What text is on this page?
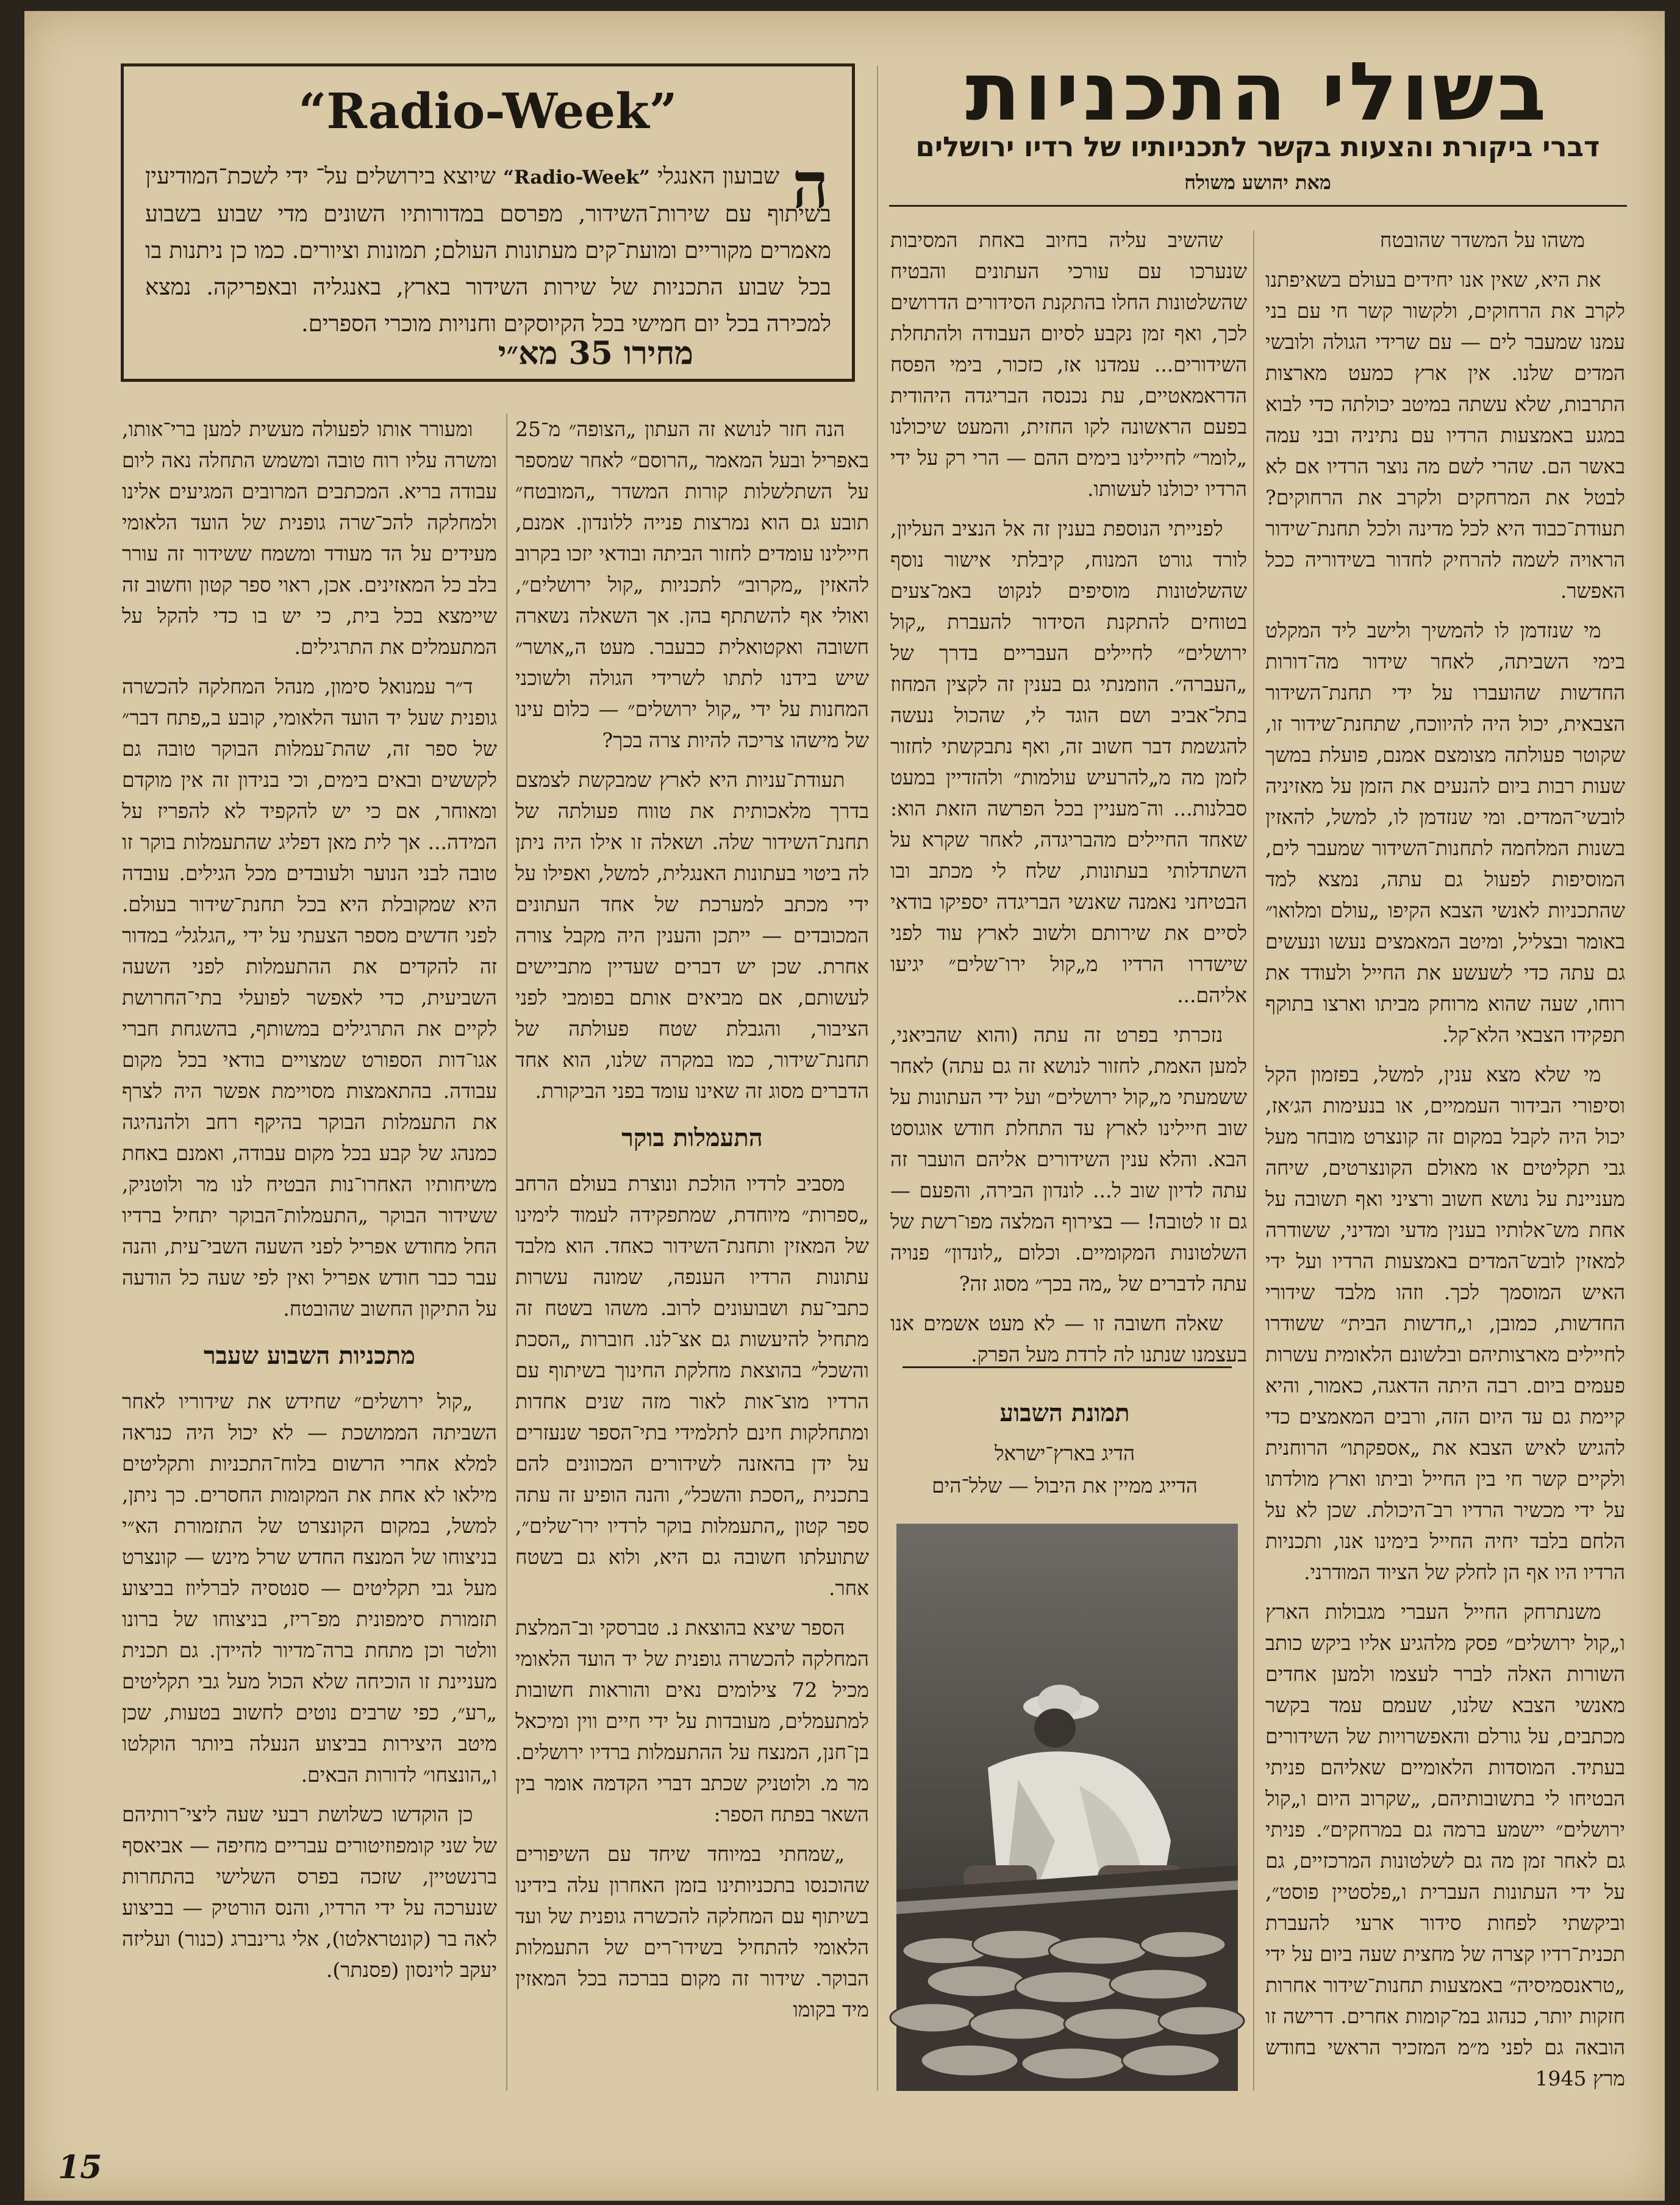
בשולי התכניות
דברי ביקורת והצעות בקשר לתכניותיו של רדיו ירושלים
מאת יהושע משולח
“Radio-Week”
ה
שבועון האנגלי “Radio-Week” שיוצא בירושלים על־ ידי לשכת־המודיעין בשיתוף עם שירות־השידור, מפרסם במדורותיו השונים מדי שבוע בשבוע מאמרים מקוריים ומועת־קים מעתונות העולם; תמונות וציורים. כמו כן ניתנות בו בכל שבוע התכניות של שירות השידור בארץ, באנגליה ובאפריקה. נמצא למכירה בכל יום חמישי בכל הקיוסקים וחנויות מוכרי הספרים.
מחירו 35 מא״י

משהו על המשדר שהובטח

את היא, שאין אנו יחידים בעולם בשאיפתנו לקרב את הרחוקים, ולקשור קשר חי עם בני עמנו שמעבר לים — עם שרידי הגולה ולובשי המדים שלנו. אין ארץ כמעט מארצות התרבות, שלא עשתה במיטב יכולתה כדי לבוא במגע באמצעות הרדיו עם נתיניה ובני עמה באשר הם. שהרי לשם מה נוצר הרדיו אם לא לבטל את המרחקים ולקרב את הרחוקים? תעודת־כבוד היא לכל מדינה ולכל תחנת־שידור הראויה לשמה להרחיק לחדור בשידוריה ככל האפשר.

מי שנזדמן לו להמשיך ולישב ליד המקלט בימי השביתה, לאחר שידור מה־דורות החדשות שהועברו על ידי תחנת־השידור הצבאית, יכול היה להיווכח, שתחנת־שידור זו, שקוטר פעולתה מצומצם אמנם, פועלת במשך שעות רבות ביום להנעים את הזמן על מאזיניה לובשי־המדים. ומי שנזדמן לו, למשל, להאזין בשנות המלחמה לתחנות־השידור שמעבר לים, המוסיפות לפעול גם עתה, נמצא למד שהתכניות לאנשי הצבא הקיפו „עולם ומלואו״ באומר ובצליל, ומיטב המאמצים נעשו ונעשים גם עתה כדי לשעשע את החייל ולעודד את רוחו, שעה שהוא מרוחק מביתו וארצו בתוקף תפקידו הצבאי הלא־קל.

מי שלא מצא ענין, למשל, בפזמון הקל וסיפורי הבידור העממיים, או בנעימות הג׳אז, יכול היה לקבל במקום זה קונצרט מובחר מעל גבי תקליטים או מאולם הקונצרטים, שיחה מעניינת על נושא חשוב ורציני ואף תשובה על אחת מש־אלותיו בענין מדעי ומדיני, ששודרה למאזין לובש־המדים באמצעות הרדיו ועל ידי האיש המוסמך לכך. וזהו מלבד שידורי החדשות, כמובן, ו„חדשות הבית״ ששודרו לחיילים מארצותיהם ובלשונם הלאומית עשרות פעמים ביום. רבה היתה הדאגה, כאמור, והיא קיימת גם עד היום הזה, ורבים המאמצים כדי להגיש לאיש הצבא את „אספקתו״ הרוחנית ולקיים קשר חי בין החייל וביתו וארץ מולדתו על ידי מכשיר הרדיו רב־היכולת. שכן לא על הלחם בלבד יחיה החייל בימינו אנו, ותכניות הרדיו היו אף הן לחלק של הציוד המודרני.

משנתרחק החייל העברי מגבולות הארץ ו„קול ירושלים״ פסק מלהגיע אליו ביקש כותב השורות האלה לברר לעצמו ולמען אחדים מאנשי הצבא שלנו, שעמם עמד בקשר מכתבים, על גורלם והאפשרויות של השידורים בעתיד. המוסדות הלאומיים שאליהם פניתי הבטיחו לי בתשובותיהם, „שקרוב היום ו„קול ירושלים״ יישמע ברמה גם במרחקים״. פניתי גם לאחר זמן מה גם לשלטונות המרכזיים, גם על ידי העתונות העברית ו„פלסטיין פוסט״, וביקשתי לפחות סידור ארעי להעברת תכנית־רדיו קצרה של מחצית שעה ביום על ידי „טראנסמיסיה״ באמצעות תחנות־שידור אחרות חזקות יותר, כנהוג במ־קומות אחרים. דרישה זו הובאה גם לפני מ״מ המזכיר הראשי בחודש מרץ 1945

שהשיב עליה בחיוב באחת המסיבות שנערכו עם עורכי העתונים והבטיח שהשלטונות החלו בהתקנת הסידורים הדרושים לכך, ואף זמן נקבע לסיום העבודה ולהתחלת השידורים... עמדנו אז, כזכור, בימי הפסח הדראמאטיים, עת נכנסה הבריגדה היהודית בפעם הראשונה לקו החזית, והמעט שיכולנו „לומר״ לחיילינו בימים ההם — הרי רק על ידי הרדיו יכולנו לעשותו.

לפנייתי הנוספת בענין זה אל הנציב העליון, לורד גורט המנוח, קיבלתי אישור נוסף שהשלטונות מוסיפים לנקוט באמ־צעים בטוחים להתקנת הסידור להעברת „קול ירושלים״ לחיילים העבריים בדרך של „העברה״. הוזמנתי גם בענין זה לקצין המחוז בתל־אביב ושם הוגד לי, שהכול נעשה להגשמת דבר חשוב זה, ואף נתבקשתי לחזור לזמן מה מ„להרעיש עולמות״ ולהזדיין במעט סבלנות... וה־מעניין בכל הפרשה הזאת הוא: שאחד החיילים מהבריגדה, לאחר שקרא על השתדלותי בעתונות, שלח לי מכתב ובו הבטיחני נאמנה שאנשי הבריגדה יספיקו בודאי לסיים את שירותם ולשוב לארץ עוד לפני שישדרו הרדיו מ„קול ירו־שלים״ יגיעו אליהם...

נזכרתי בפרט זה עתה (והוא שהביאני, למען האמת, לחזור לנושא זה גם עתה) לאחר ששמעתי מ„קול ירושלים״ ועל ידי העתונות על שוב חיילינו לארץ עד התחלת חודש אוגוסט הבא. והלא ענין השידורים אליהם הועבר זה עתה לדיון שוב ל... לונדון הבירה, והפעם — גם זו לטובה! — בצירוף המלצה מפו־רשת של השלטונות המקומיים. וכלום „לונדון״ פנויה עתה לדברים של „מה בכך״ מסוג זה?

שאלה חשובה זו — לא מעט אשמים אנו בעצמנו שנתנו לה לרדת מעל הפרק.

תמונת השבוע
הדיג בארץ־ישראל
הדייג ממיין את היבול — שלל־הים

הנה חזר לנושא זה העתון „הצופה״ מ־25 באפריל ובעל המאמר „הרוסם״ לאחר שמספר על השתלשלות קורות המשדר „המובטח״ תובע גם הוא נמרצות פנייה ללונדון. אמנם, חיילינו עומדים לחזור הביתה ובודאי יזכו בקרוב להאזין „מקרוב״ לתכניות „קול ירושלים״, ואולי אף להשתתף בהן. אך השאלה נשארה חשובה ואקטואלית כבעבר. מעט ה„אושר״ שיש בידנו לתתו לשרידי הגולה ולשוכני המחנות על ידי „קול ירושלים״ — כלום עינו של מישהו צריכה להיות צרה בכך?

תעודת־עניות היא לארץ שמבקשת לצמצם בדרך מלאכותית את טווח פעולתה של תחנת־השידור שלה. ושאלה זו אילו היה ניתן לה ביטוי בעתונות האנגלית, למשל, ואפילו על ידי מכתב למערכת של אחד העתונים המכובדים — ייתכן והענין היה מקבל צורה אחרת. שכן יש דברים שעדיין מתביישים לעשותם, אם מביאים אותם בפומבי לפני הציבור, והגבלת שטח פעולתה של תחנת־שידור, כמו במקרה שלנו, הוא אחד הדברים מסוג זה שאינו עומד בפני הביקורת.

התעמלות בוקר

מסביב לרדיו הולכת ונוצרת בעולם הרחב „ספרות״ מיוחדת, שמתפקידה לעמוד לימינו של המאזין ותחנת־השידור כאחד. הוא מלבד עתונות הרדיו הענפה, שמונה עשרות כתבי־עת ושבועונים לרוב. משהו בשטח זה מתחיל להיעשות גם אצ־לנו. חוברות „הסכת והשכל״ בהוצאת מחלקת החינוך בשיתוף עם הרדיו מוצ־אות לאור מזה שנים אחדות ומתחלקות חינם לתלמידי בתי־הספר שנעזרים על ידן בהאזנה לשידורים המכוונים להם בתכנית „הסכת והשכל״, והנה הופיע זה עתה ספר קטון „התעמלות בוקר לרדיו ירו־שלים״, שתועלתו חשובה גם היא, ולוא גם בשטח אחר.

הספר שיצא בהוצאת נ. טברסקי וב־המלצת המחלקה להכשרה גופנית של יד הועד הלאומי מכיל 72 צילומים נאים והוראות חשובות למתעמלים, מעובדות על ידי חיים ווין ומיכאל בן־חנן, המנצח על ההתעמלות ברדיו ירושלים. מר מ. ולוטניק שכתב דברי הקדמה אומר בין השאר בפתח הספר:

„שמחתי במיוחד שיחד עם השיפורים שהוכנסו בתכניותינו בזמן האחרון עלה בידינו בשיתוף עם המחלקה להכשרה גופנית של ועד הלאומי להתחיל בשידו־רים של התעמלות הבוקר. שידור זה מקום בברכה בכל המאזין מיד בקומו

ומעורר אותו לפעולה מעשית למען ברי־אותו, ומשרה עליו רוח טובה ומשמש התחלה נאה ליום עבודה בריא. המכתבים המרובים המגיעים אלינו ולמחלקה להכ־שרה גופנית של הועד הלאומי מעידים על הד מעודד ומשמח ששידור זה עורר בלב כל המאזינים. אכן, ראוי ספר קטון וחשוב זה שיימצא בכל בית, כי יש בו כדי להקל על המתעמלים את התרגילים.

ד״ר עמנואל סימון, מנהל המחלקה להכשרה גופנית שעל יד הועד הלאומי, קובע ב„פתח דבר״ של ספר זה, שהת־עמלות הבוקר טובה גם לקששים ובאים בימים, וכי בנידון זה אין מוקדם ומאוחר, אם כי יש להקפיד לא להפריז על המידה... אך לית מאן דפליג שהתעמלות בוקר זו טובה לבני הנוער ולעובדים מכל הגילים. עובדה היא שמקובלת היא בכל תחנת־שידור בעולם. לפני חדשים מספר הצעתי על ידי „הגלגל״ במדור זה להקדים את ההתעמלות לפני השעה השביעית, כדי לאפשר לפועלי בתי־החרושת לקיים את התרגילים במשותף, בהשגחת חברי אגו־דות הספורט שמצויים בודאי בכל מקום עבודה. בהתאמצות מסויימת אפשר היה לצרף את התעמלות הבוקר בהיקף רחב ולהנהיגה כמנהג של קבע בכל מקום עבודה, ואמנם באחת משיחותיו האחרו־נות הבטיח לנו מר ולוטניק, ששידור הבוקר „התעמלות־הבוקר יתחיל ברדיו החל מחודש אפריל לפני השעה השבי־עית, והנה עבר כבר חודש אפריל ואין לפי שעה כל הודעה על התיקון החשוב שהובטח.

מתכניות השבוע שעבר

„קול ירושלים״ שחידש את שידוריו לאחר השביתה הממושכת — לא יכול היה כנראה למלא אחרי הרשום בלוח־התכניות ותקליטים מילאו לא אחת את המקומות החסרים. כך ניתן, למשל, במקום הקונצרט של התזמורת הא״י בניצוחו של המנצח החדש שרל מינש — קונצרט מעל גבי תקליטים — סנטסיה לברליוז בביצוע תזמורת סימפונית מפ־ריז, בניצוחו של ברונו וולטר וכן מתחת ברה־מדיור להיידן. גם תכנית מעניינת זו הוכיחה שלא הכול מעל גבי תקליטים „רע״, כפי שרבים נוטים לחשוב בטעות, שכן מיטב היצירות בביצוע הנעלה ביותר הוקלטו ו„הונצחו״ לדורות הבאים.

כן הוקדשו כשלושת רבעי שעה ליצי־רותיהם של שני קומפוזיטורים עבריים מחיפה — אביאסף ברנשטיין, שזכה בפרס השלישי בהתחרות שנערכה על ידי הרדיו, והנס הורטיק — בביצוע לאה בר (קונטראלטו), אלי גרינברג (כנור) ועליזה יעקב לוינסון (פסנתר).

15
